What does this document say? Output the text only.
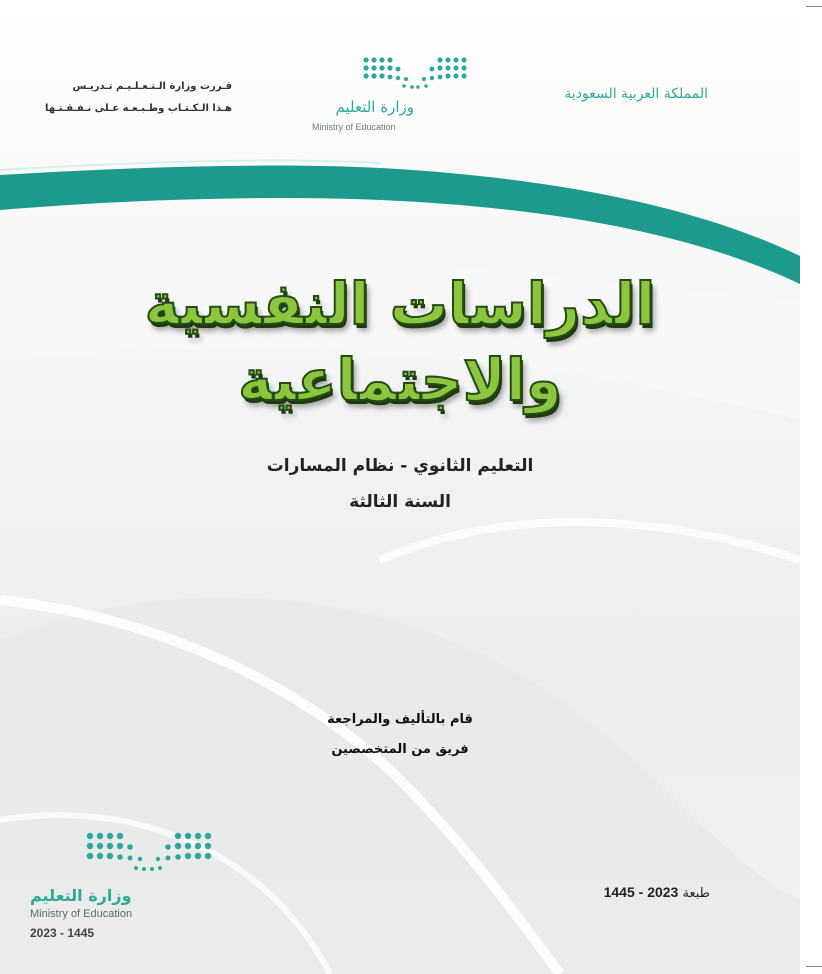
المملكة العربية السعودية
وزارة التعليم
Ministry of Education
قـررت وزارة الـتـعـلـيـم تـدريـس
هـذا الـكـتـاب وطـبـعـه عـلى نـفـقـتـها
الدراسات النفسية
والاجتماعية
التعليم الثانوي - نظام المسارات
السنة الثالثة
قام بالتأليف والمراجعة
فريق من المتخصصين
وزارة التعليم
Ministry of Education
2023 - 1445
طبعة 1445 - 2023
